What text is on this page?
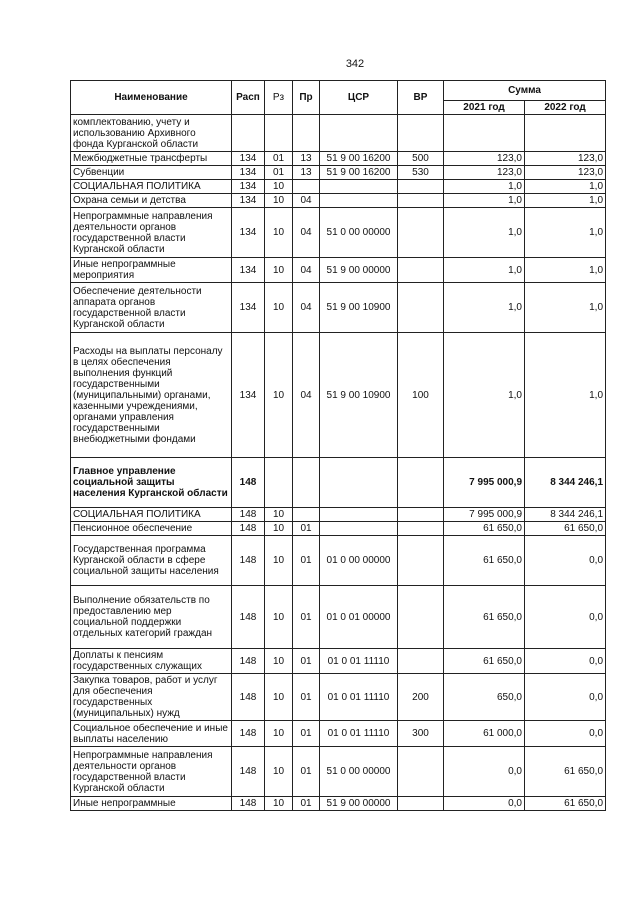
342
Наименование	Расп	Рз	Пр	ЦСР	ВР	Сумма	
						2021 год	2022 год
комплектованию, учету и использованию Архивного фонда Курганской области							
Межбюджетные трансферты	134	01	13	51 9 00 16200	500	123,0	123,0
Субвенции	134	01	13	51 9 00 16200	530	123,0	123,0
СОЦИАЛЬНАЯ ПОЛИТИКА	134	10				1,0	1,0
Охрана семьи и детства	134	10	04			1,0	1,0
Непрограммные направления деятельности органов государственной власти Курганской области	134	10	04	51 0 00 00000		1,0	1,0
Иные непрограммные мероприятия	134	10	04	51 9 00 00000		1,0	1,0
Обеспечение деятельности аппарата органов государственной власти Курганской области	134	10	04	51 9 00 10900		1,0	1,0
Расходы на выплаты персоналу в целях обеспечения выполнения функций государственными (муниципальными) органами, казенными учреждениями, органами управления государственными внебюджетными фондами	134	10	04	51 9 00 10900	100	1,0	1,0
Главное управление социальной защиты населения Курганской области	148					7 995 000,9	8 344 246,1
СОЦИАЛЬНАЯ ПОЛИТИКА	148	10				7 995 000,9	8 344 246,1
Пенсионное обеспечение	148	10	01			61 650,0	61 650,0
Государственная программа Курганской области в сфере социальной защиты населения	148	10	01	01 0 00 00000		61 650,0	0,0
Выполнение обязательств по предоставлению мер социальной поддержки отдельных категорий граждан	148	10	01	01 0 01 00000		61 650,0	0,0
Доплаты к пенсиям государственных служащих	148	10	01	01 0 01 11110		61 650,0	0,0
Закупка товаров, работ и услуг для обеспечения государственных (муниципальных) нужд	148	10	01	01 0 01 11110	200	650,0	0,0
Социальное обеспечение и иные выплаты населению	148	10	01	01 0 01 11110	300	61 000,0	0,0
Непрограммные направления деятельности органов государственной власти Курганской области	148	10	01	51 0 00 00000		0,0	61 650,0
Иные непрограммные	148	10	01	51 9 00 00000		0,0	61 650,0
